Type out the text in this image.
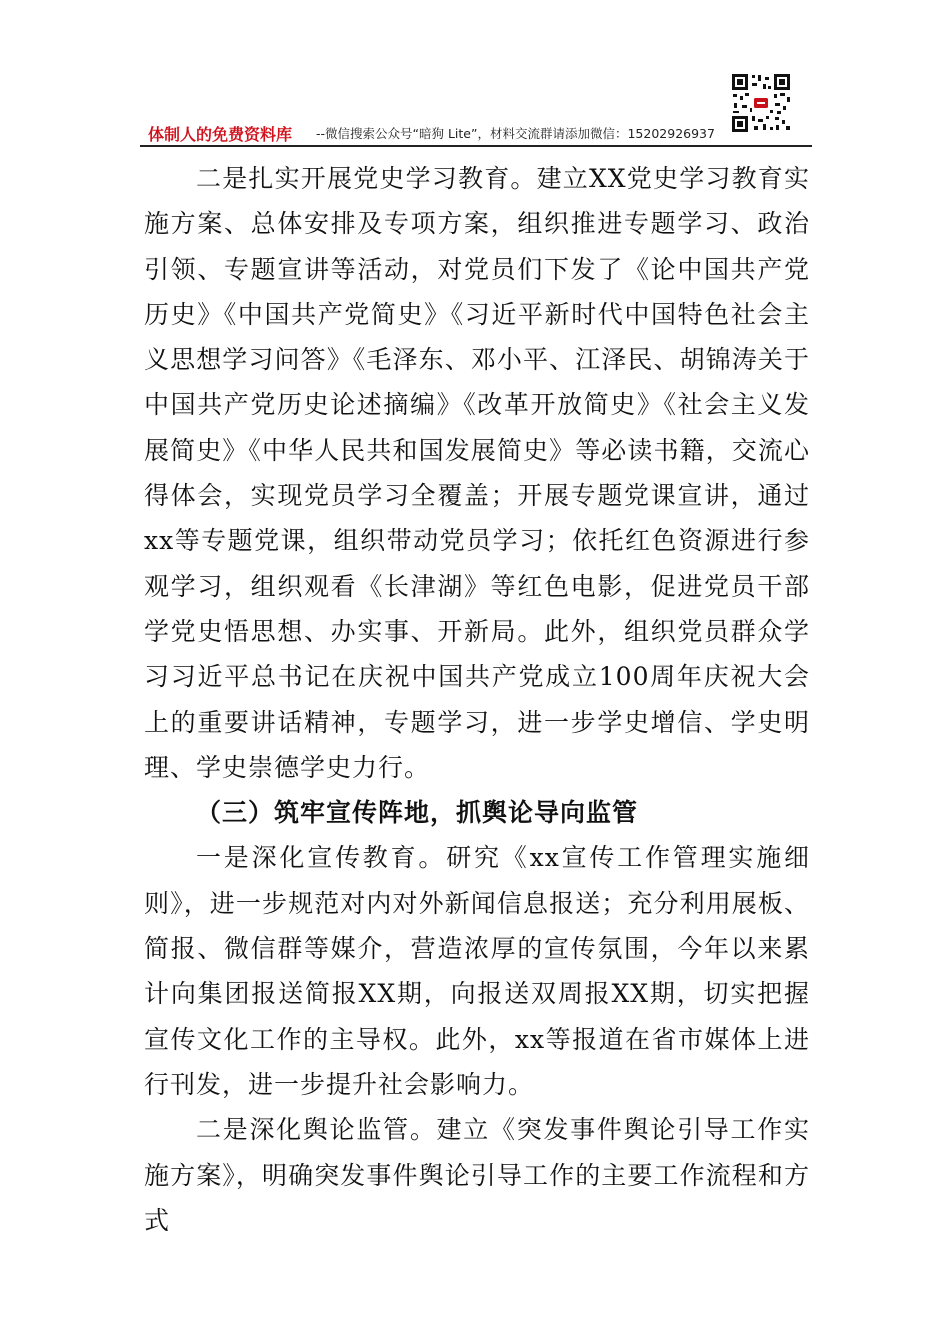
体制人的免费资料库 --微信搜索公众号“暗狗 Lite”，材料交流群请添加微信：15202926937

二是扎实开展党史学习教育。建立XX党史学习教育实施方案、总体安排及专项方案，组织推进专题学习、政治引领、专题宣讲等活动，对党员们下发了《论中国共产党历史》《中国共产党简史》《习近平新时代中国特色社会主义思想学习问答》《毛泽东、邓小平、江泽民、胡锦涛关于中国共产党历史论述摘编》《改革开放简史》《社会主义发展简史》《中华人民共和国发展简史》等必读书籍，交流心得体会，实现党员学习全覆盖；开展专题党课宣讲，通过xx等专题党课，组织带动党员学习；依托红色资源进行参观学习，组织观看《长津湖》等红色电影，促进党员干部学党史悟思想、办实事、开新局。此外，组织党员群众学习习近平总书记在庆祝中国共产党成立100周年庆祝大会上的重要讲话精神，专题学习，进一步学史增信、学史明理、学史崇德学史力行。

（三）筑牢宣传阵地，抓舆论导向监管

一是深化宣传教育。研究《xx宣传工作管理实施细则》，进一步规范对内对外新闻信息报送；充分利用展板、简报、微信群等媒介，营造浓厚的宣传氛围，今年以来累计向集团报送简报XX期，向报送双周报XX期，切实把握宣传文化工作的主导权。此外，xx等报道在省市媒体上进行刊发，进一步提升社会影响力。

二是深化舆论监管。建立《突发事件舆论引导工作实施方案》，明确突发事件舆论引导工作的主要工作流程和方式
